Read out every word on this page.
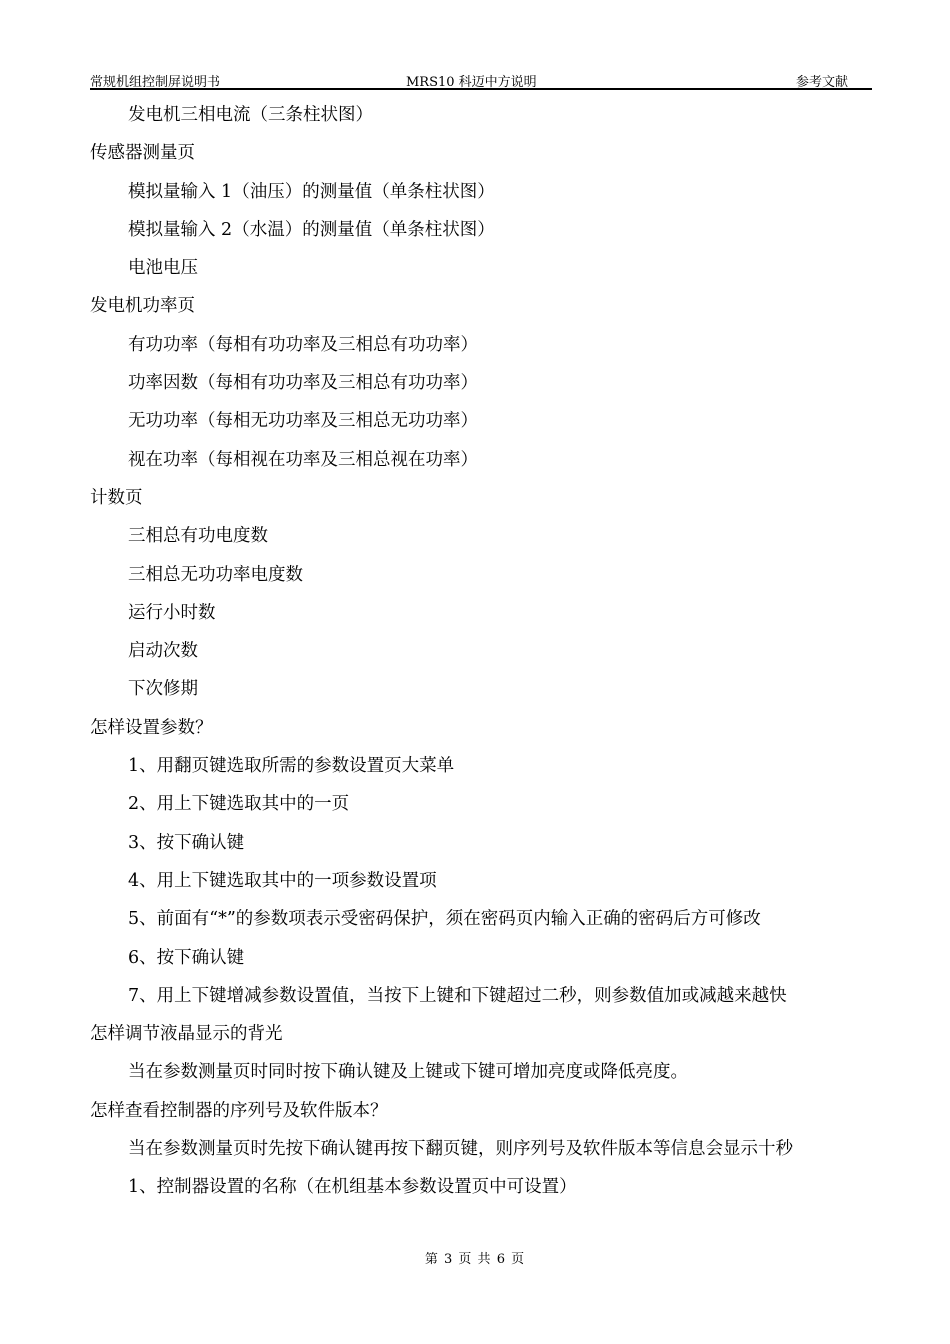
常规机组控制屏说明书	MRS10 科迈中方说明	参考文献
发电机三相电流（三条柱状图）
传感器测量页
模拟量输入 1（油压）的测量值（单条柱状图）
模拟量输入 2（水温）的测量值（单条柱状图）
电池电压
发电机功率页
有功功率（每相有功功率及三相总有功功率）
功率因数（每相有功功率及三相总有功功率）
无功功率（每相无功功率及三相总无功功率）
视在功率（每相视在功率及三相总视在功率）
计数页
三相总有功电度数
三相总无功功率电度数
运行小时数
启动次数
下次修期
怎样设置参数？
1、用翻页键选取所需的参数设置页大菜单
2、用上下键选取其中的一页
3、按下确认键
4、用上下键选取其中的一项参数设置项
5、前面有“*”的参数项表示受密码保护，须在密码页内输入正确的密码后方可修改
6、按下确认键
7、用上下键增减参数设置值，当按下上键和下键超过二秒，则参数值加或减越来越快
怎样调节液晶显示的背光
当在参数测量页时同时按下确认键及上键或下键可增加亮度或降低亮度。
怎样查看控制器的序列号及软件版本？
当在参数测量页时先按下确认键再按下翻页键，则序列号及软件版本等信息会显示十秒
1、控制器设置的名称（在机组基本参数设置页中可设置）
第 3 页 共 6 页
